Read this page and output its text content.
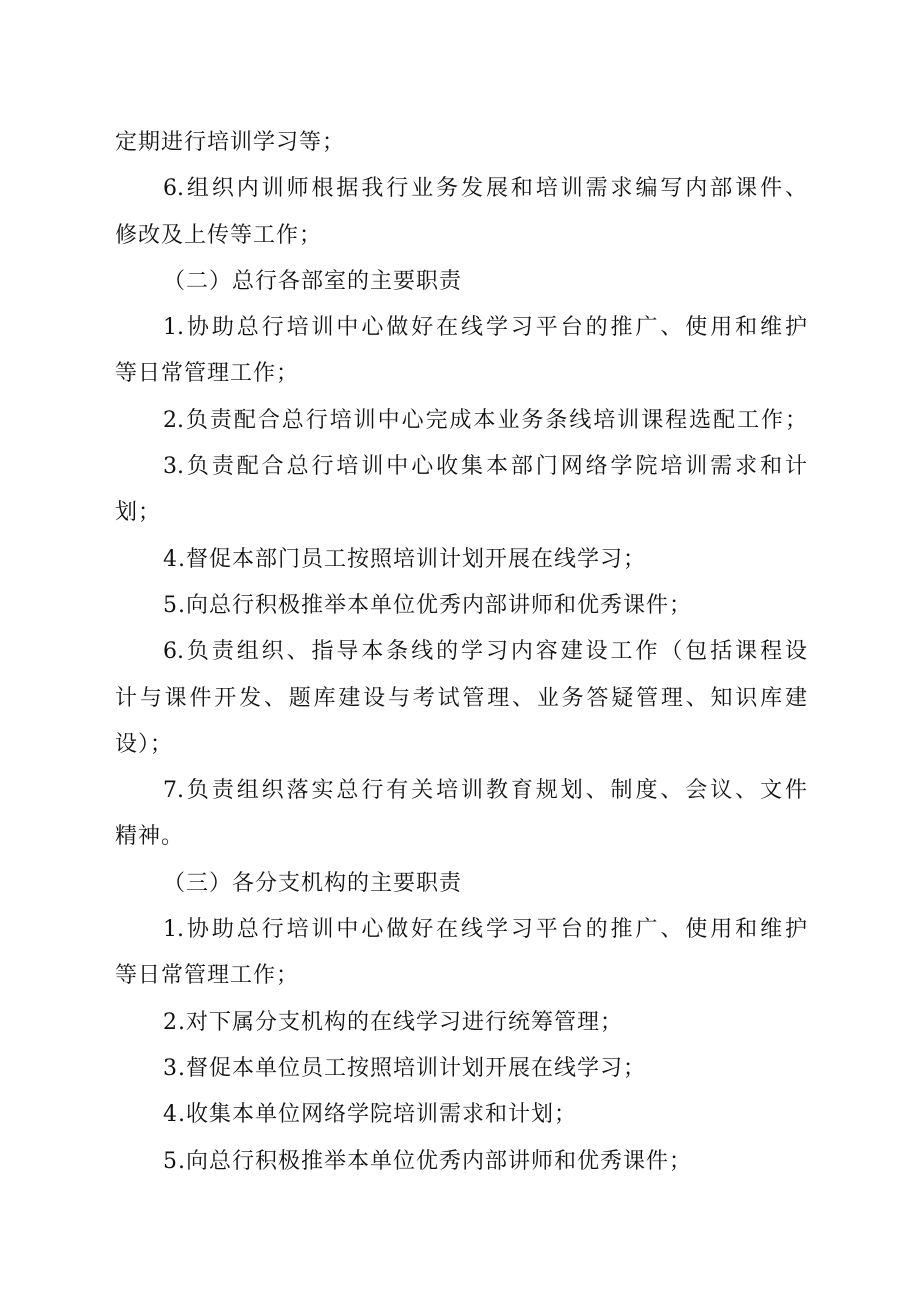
定期进行培训学习等；
6.组织内训师根据我行业务发展和培训需求编写内部课件、
修改及上传等工作；
（二）总行各部室的主要职责
1.协助总行培训中心做好在线学习平台的推广、使用和维护
等日常管理工作；
2.负责配合总行培训中心完成本业务条线培训课程选配工作；
3.负责配合总行培训中心收集本部门网络学院培训需求和计
划；
4.督促本部门员工按照培训计划开展在线学习；
5.向总行积极推举本单位优秀内部讲师和优秀课件；
6.负责组织、指导本条线的学习内容建设工作（包括课程设
计与课件开发、题库建设与考试管理、业务答疑管理、知识库建
设）；
7.负责组织落实总行有关培训教育规划、制度、会议、文件
精神。
（三）各分支机构的主要职责
1.协助总行培训中心做好在线学习平台的推广、使用和维护
等日常管理工作；
2.对下属分支机构的在线学习进行统筹管理；
3.督促本单位员工按照培训计划开展在线学习；
4.收集本单位网络学院培训需求和计划；
5.向总行积极推举本单位优秀内部讲师和优秀课件；
